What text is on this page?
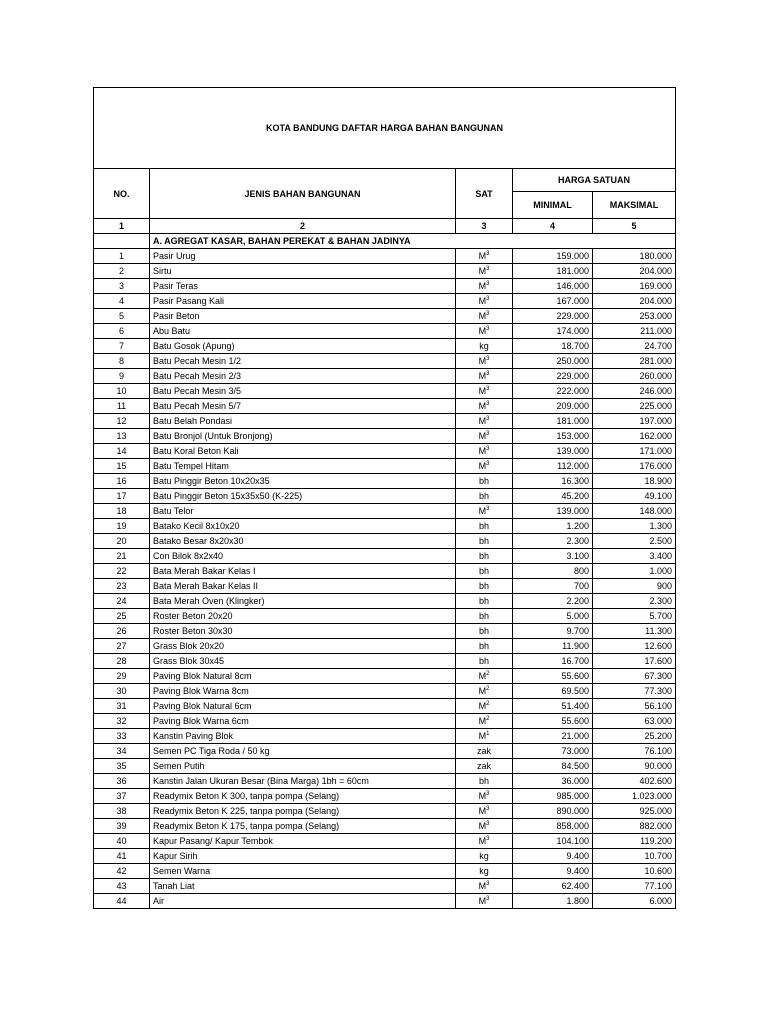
KOTA BANDUNG DAFTAR HARGA BAHAN BANGUNAN				
NO.	JENIS BAHAN BANGUNAN	SAT	HARGA SATUAN	
			MINIMAL	MAKSIMAL
1	2	3	4	5
	A. AGREGAT KASAR, BAHAN PEREKAT & BAHAN JADINYA			
1	Pasir Urug	$M^3$	159.000	180.000
2	Sirtu	$M^3$	181.000	204.000
3	Pasir Teras	$M^3$	146.000	169.000
4	Pasir Pasang Kali	$M^3$	167.000	204.000
5	Pasir Beton	$M^3$	229.000	253.000
6	Abu Batu	$M^3$	174.000	211.000
7	Batu Gosok (Apung)	kg	18.700	24.700
8	Batu Pecah Mesin 1/2	$M^3$	250.000	281.000
9	Batu Pecah Mesin 2/3	$M^3$	229.000	260.000
10	Batu Pecah Mesin 3/5	$M^3$	222.000	246.000
11	Batu Pecah Mesin 5/7	$M^3$	209.000	225.000
12	Batu Belah Pondasi	$M^3$	181.000	197.000
13	Batu Bronjol (Untuk Bronjong)	$M^3$	153.000	162.000
14	Batu Koral Beton Kali	$M^3$	139.000	171.000
15	Batu Tempel Hitam	$M^3$	112.000	176.000
16	Batu Pinggir Beton 10x20x35	bh	16.300	18.900
17	Batu Pinggir Beton 15x35x50 (K-225)	bh	45.200	49.100
18	Batu Telor	$M^3$	139.000	148.000
19	Batako Kecil 8x10x20	bh	1.200	1.300
20	Batako Besar 8x20x30	bh	2.300	2.500
21	Con Bilok 8x2x40	bh	3.100	3.400
22	Bata Merah Bakar Kelas I	bh	800	1.000
23	Bata Merah Bakar Kelas II	bh	700	900
24	Bata Merah Oven (Klingker)	bh	2.200	2.300
25	Roster Beton 20x20	bh	5.000	5.700
26	Roster Beton 30x30	bh	9.700	11.300
27	Grass Blok 20x20	bh	11.900	12.600
28	Grass Blok 30x45	bh	16.700	17.600
29	Paving Blok Natural 8cm	$M^2$	55.600	67.300
30	Paving Blok Warna 8cm	$M^2$	69.500	77.300
31	Paving Blok Natural 6cm	$M^2$	51.400	56.100
32	Paving Blok Warna 6cm	$M^2$	55.600	63.000
33	Kanstin Paving Blok	$M^1$	21.000	25.200
34	Semen PC Tiga Roda / 50 kg	zak	73.000	76.100
35	Semen Putih	zak	84.500	90.000
36	Kanstin Jalan Ukuran Besar (Bina Marga) 1bh = 60cm	bh	36.000	402.600
37	Readymix Beton K 300, tanpa pompa (Selang)	$M^3$	985.000	1.023.000
38	Readymix Beton K 225, tanpa pompa (Selang)	$M^3$	890.000	925.000
39	Readymix Beton K 175, tanpa pompa (Selang)	$M^3$	858.000	882.000
40	Kapur Pasang/ Kapur Tembok	$M^3$	104.100	119.200
41	Kapur Sirih	kg	9.400	10.700
42	Semen Warna	kg	9.400	10.600
43	Tanah Liat	$M^3$	62.400	77.100
44	Air	$M^3$	1.800	6.000
